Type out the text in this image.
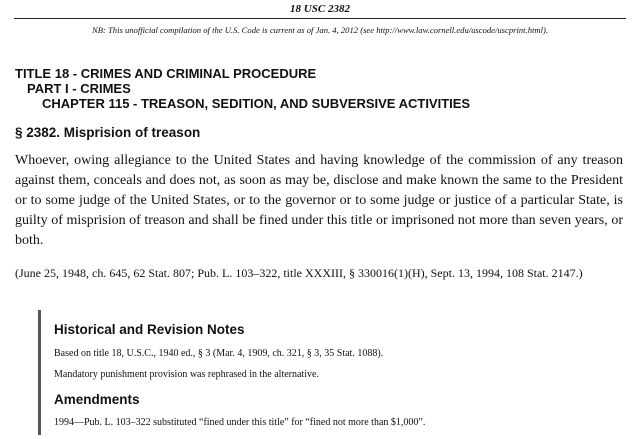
18 USC 2382
NB: This unofficial compilation of the U.S. Code is current as of Jan. 4, 2012 (see http://www.law.cornell.edu/uscode/uscprint.html).
TITLE 18 - CRIMES AND CRIMINAL PROCEDURE
PART I - CRIMES
CHAPTER 115 - TREASON, SEDITION, AND SUBVERSIVE ACTIVITIES
§ 2382. Misprision of treason
Whoever, owing allegiance to the United States and having knowledge of the commission of any treason against them, conceals and does not, as soon as may be, disclose and make known the same to the President or to some judge of the United States, or to the governor or to some judge or justice of a particular State, is guilty of misprision of treason and shall be fined under this title or imprisoned not more than seven years, or both.
(June 25, 1948, ch. 645, 62 Stat. 807; Pub. L. 103–322, title XXXIII, § 330016(1)(H), Sept. 13, 1994, 108 Stat. 2147.)
Historical and Revision Notes
Based on title 18, U.S.C., 1940 ed., § 3 (Mar. 4, 1909, ch. 321, § 3, 35 Stat. 1088).
Mandatory punishment provision was rephrased in the alternative.
Amendments
1994—Pub. L. 103–322 substituted “fined under this title” for “fined not more than $1,000”.
